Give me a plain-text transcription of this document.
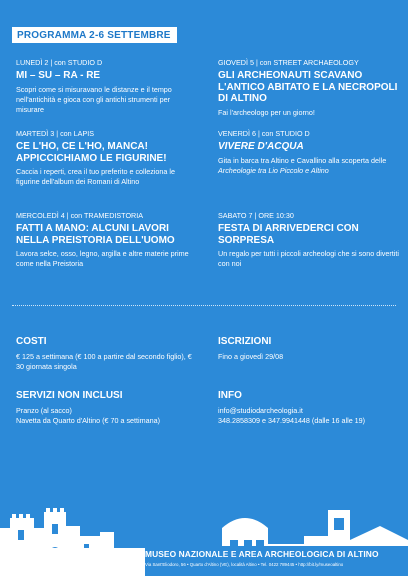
PROGRAMMA 2-6 SETTEMBRE
LUNEDÌ 2 | con STUDIO D
MI – SU – RA - RE
Scopri come si misuravano le distanze e il tempo nell'antichità e gioca con gli antichi strumenti per misurare
MARTEDÌ 3 | con LAPIS
CE L'HO, CE L'HO, MANCA! APPICCICHIAMO LE FIGURINE!
Caccia i reperti, crea il tuo preferito e colleziona le figurine dell'album dei Romani di Altino
MERCOLEDÌ 4 | con TRAMEDISTORIA
FATTI A MANO: ALCUNI LAVORI NELLA PREISTORIA DELL'UOMO
Lavora selce, osso, legno, argilla e altre materie prime come nella Preistoria
GIOVEDÌ 5 | con STREET ARCHAEOLOGY
GLI ARCHEONAUTI SCAVANO L'ANTICO ABITATO E LA NECROPOLI DI ALTINO
Fai l'archeologo per un giorno!
VENERDÌ 6 | con STUDIO D
VIVERE D'ACQUA
Gita in barca tra Altino e Cavallino alla scoperta delle Archeologie tra Lio Piccolo e Altino
SABATO 7 | ORE 10:30
FESTA DI ARRIVEDERCI CON SORPRESA
Un regalo per tutti i piccoli archeologi che si sono divertiti con noi
COSTI
€ 125 a settimana (€ 100 a partire dal secondo figlio), € 30 giornata singola
SERVIZI NON INCLUSI
Pranzo (al sacco)
Navetta da Quarto d'Altino (€ 70 a settimana)
ISCRIZIONI
Fino a giovedì 29/08
INFO
info@studiodarcheologia.it
348.2858309 e 347.9941448 (dalle 16 alle 19)
MUSEO NAZIONALE E AREA ARCHEOLOGICA DI ALTINO
Via Sant'Eliodoro, 56 • Quarto d'Altino (VE), località Altino • Tel. 0422 789445 • http://bit.ly/museoaltino
